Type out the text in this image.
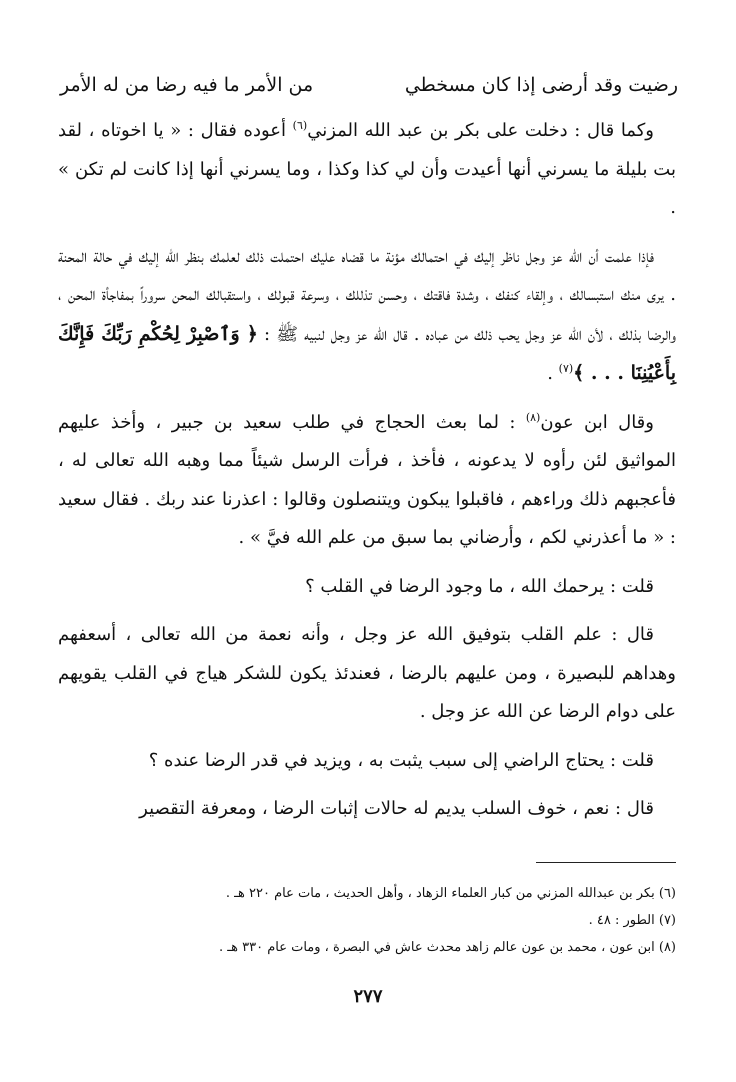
رضيت وقد أرضى إذا كان مسخطي
من الأمر ما فيه رضا من له الأمر

وكما قال : دخلت على بكر بن عبد الله المزني$^{(٦)}$ أعوده فقال : « يا اخوتاه ، لقد بت بليلة ما يسرني أنها أعيدت وأن لي كذا وكذا ، وما يسرني أنها إذا كانت لم تكن » .

فإذا علمت أن الله عز وجل ناظر إليك في احتمالك مؤنة ما قضاه عليك احتملت ذلك لعلمك بنظر الله إليك في حالة المحنة . يرى منك استبسالك ، وإلقاء كنفك ، وشدة فاقتك ، وحسن تذللك ، وسرعة قبولك ، واستقبالك المحن سروراً بمفاجأة المحن ، والرضا بذلك ، لأن الله عز وجل يحب ذلك من عباده . قال الله عز وجل لنبيه ﷺ : ﴿ وَٱصْبِرْ لِحُكْمِ رَبِّكَ فَإِنَّكَ بِأَعْيُنِنَا . . . ﴾$^{(٧)}$ .

وقال ابن عون$^{(٨)}$ : لما بعث الحجاج في طلب سعيد بن جبير ، وأخذ عليهم المواثيق لئن رأوه لا يدعونه ، فأخذ ، فرأت الرسل شيئاً مما وهبه الله تعالى له ، فأعجبهم ذلك وراءهم ، فاقبلوا يبكون ويتنصلون وقالوا : اعذرنا عند ربك . فقال سعيد : « ما أعذرني لكم ، وأرضاني بما سبق من علم الله فيَّ » .

قلت : يرحمك الله ، ما وجود الرضا في القلب ؟

قال : علم القلب بتوفيق الله عز وجل ، وأنه نعمة من الله تعالى ، أسعفهم وهداهم للبصيرة ، ومن عليهم بالرضا ، فعندئذ يكون للشكر هياج في القلب يقويهم على دوام الرضا عن الله عز وجل .

قلت : يحتاج الراضي إلى سبب يثبت به ، ويزيد في قدر الرضا عنده ؟

قال : نعم ، خوف السلب يديم له حالات إثبات الرضا ، ومعرفة التقصير

(٦) بكر بن عبدالله المزني من كبار العلماء الزهاد ، وأهل الحديث ، مات عام ٢٢٠ هـ .
(٧) الطور : ٤٨ .
(٨) ابن عون ، محمد بن عون عالم زاهد محدث عاش في البصرة ، ومات عام ٣٣٠ هـ .
٢٧٧
